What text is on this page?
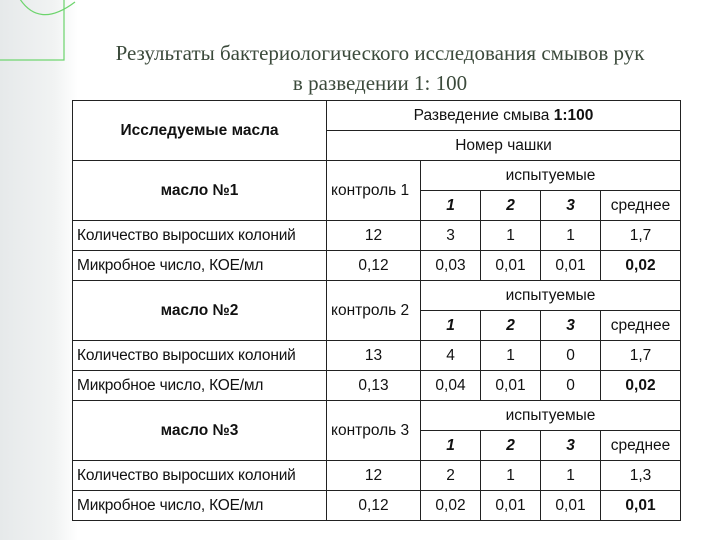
Результаты бактериологического исследования смывов рук
в разведении 1: 100
Исследуемые масла	Разведение смыва 1:100				
	Номер чашки				
масло №1	контроль 1	испытуемые			
		1	2	3	среднее
Количество выросших колоний	12	3	1	1	1,7
Микробное число, КОЕ/мл	0,12	0,03	0,01	0,01	0,02
масло №2	контроль 2	испытуемые			
		1	2	3	среднее
Количество выросших колоний	13	4	1	0	1,7
Микробное число, КОЕ/мл	0,13	0,04	0,01	0	0,02
масло №3	контроль 3	испытуемые			
		1	2	3	среднее
Количество выросших колоний	12	2	1	1	1,3
Микробное число, КОЕ/мл	0,12	0,02	0,01	0,01	0,01
